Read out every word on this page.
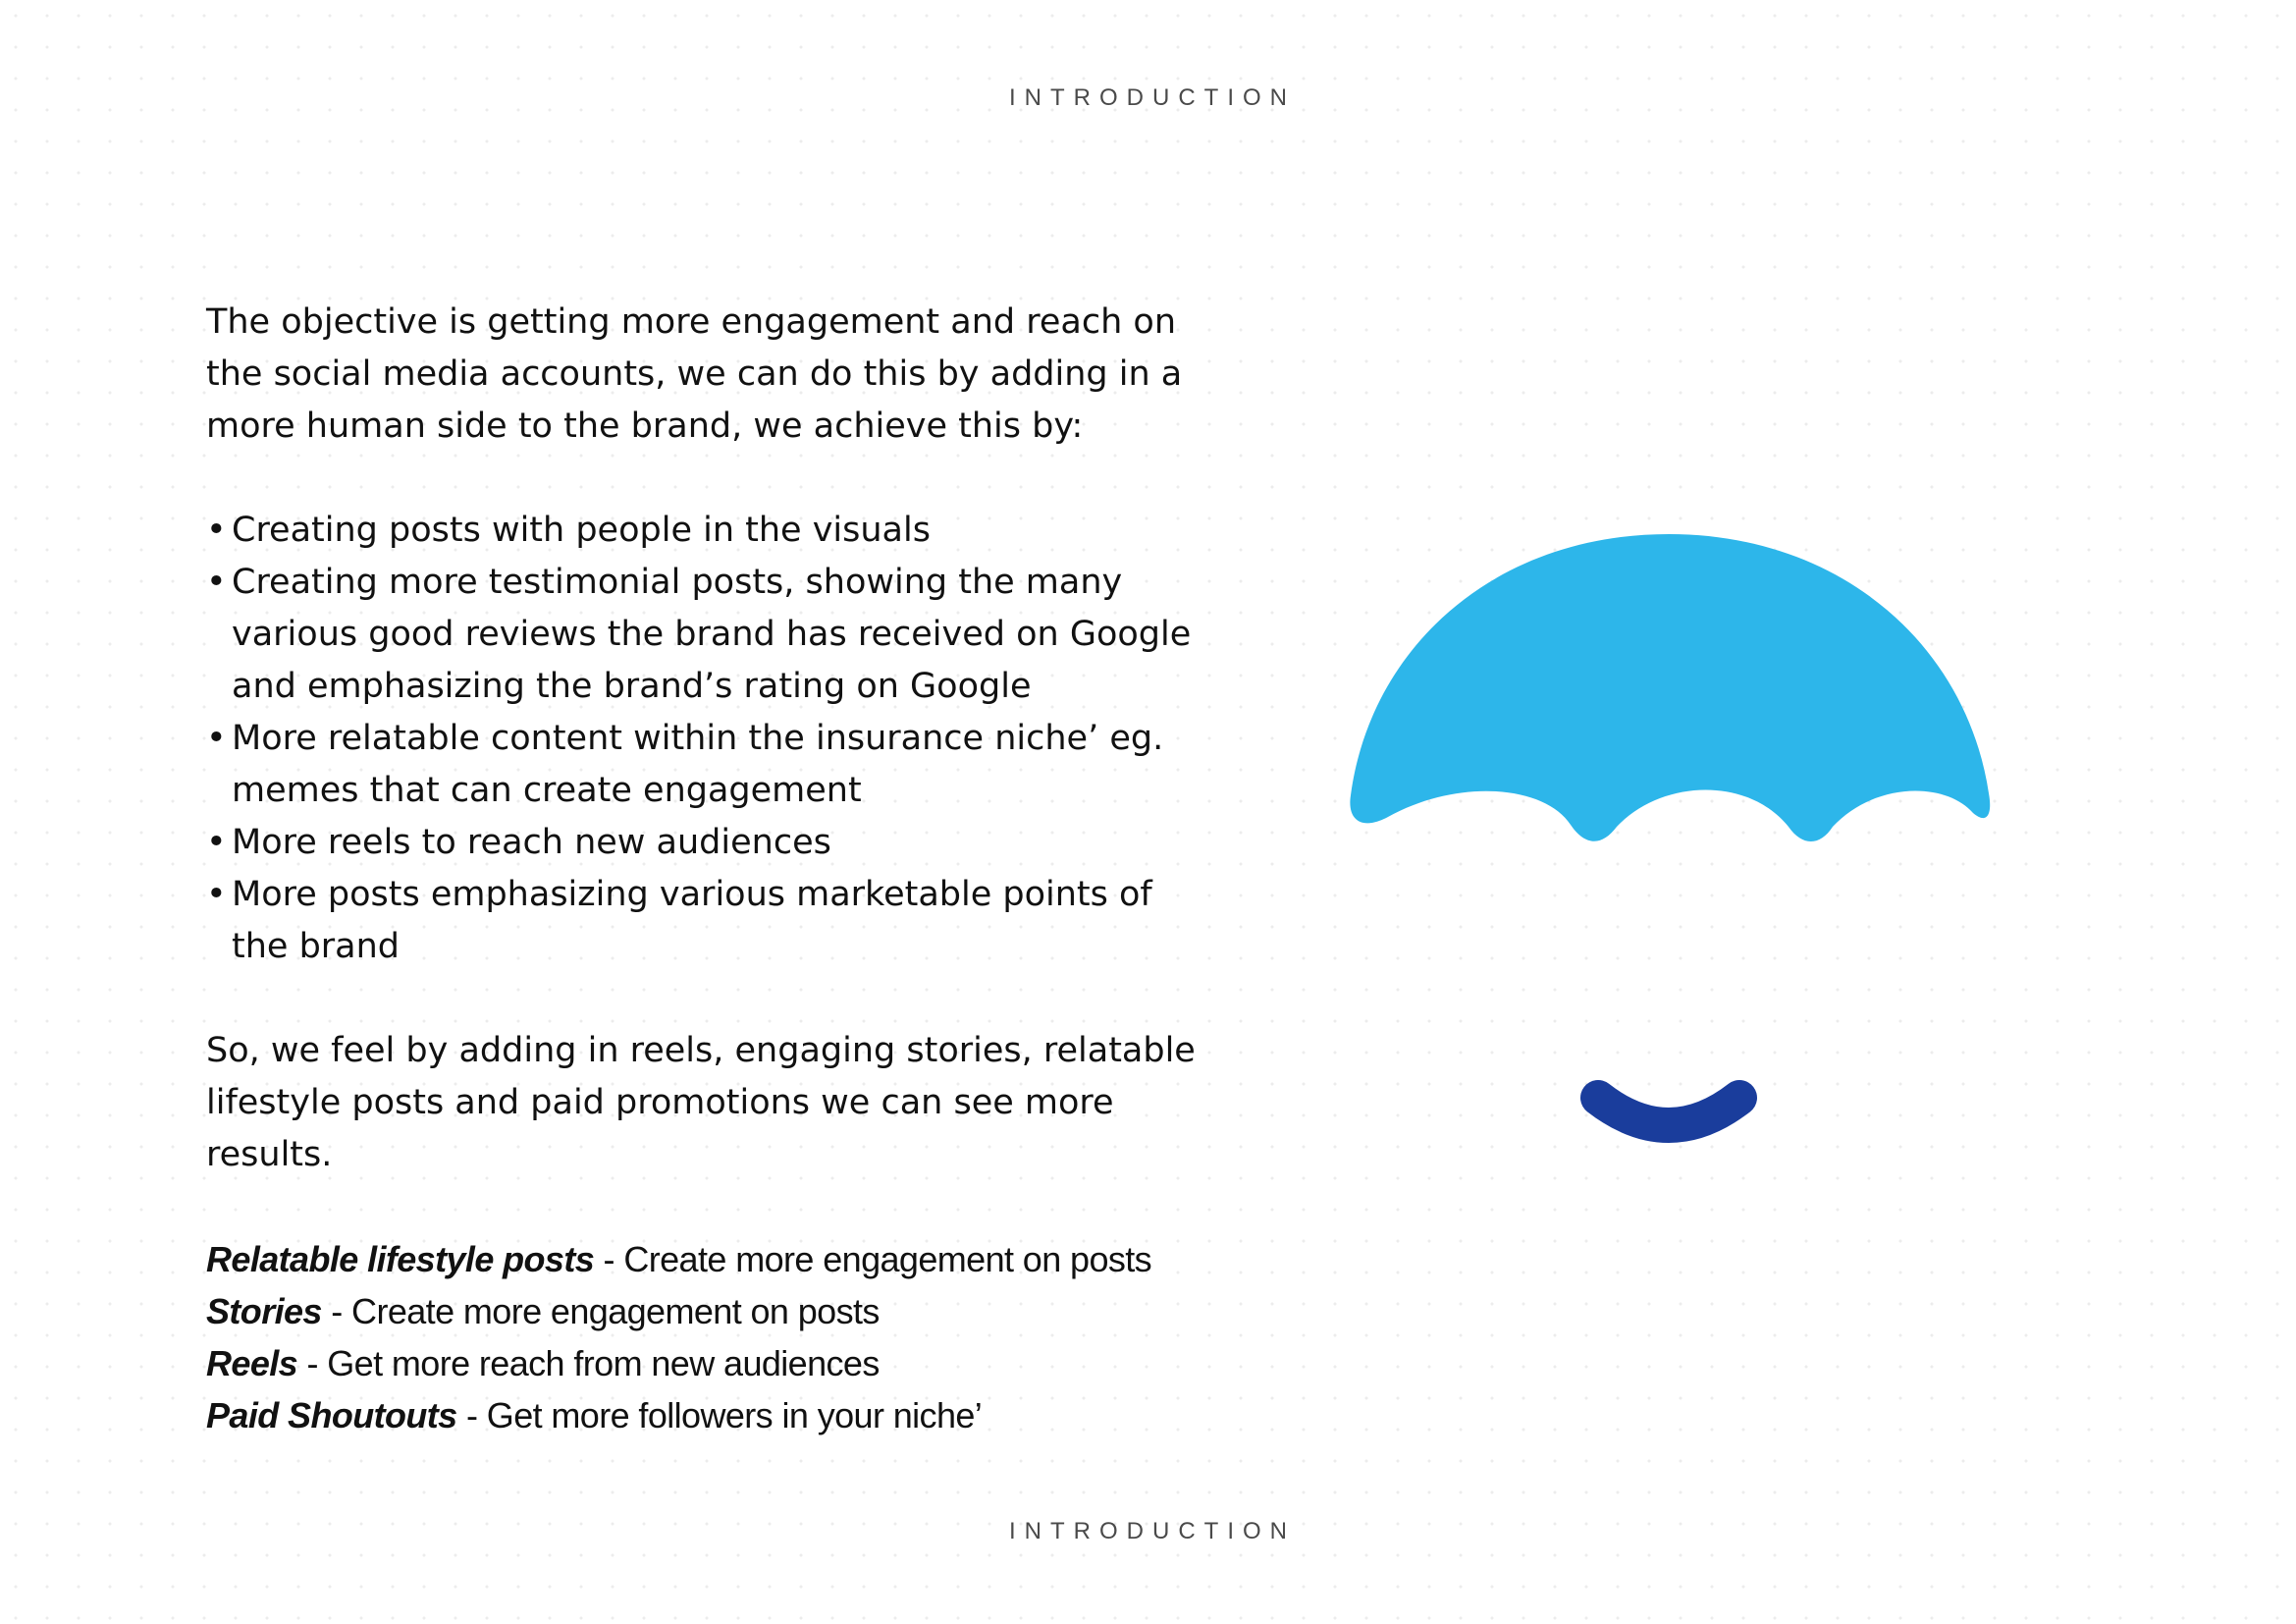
INTRODUCTION

The objective is getting more engagement and reach on the social media accounts, we can do this by adding in a more human side to the brand, we achieve this by:

• Creating posts with people in the visuals
• Creating more testimonial posts, showing the many various good reviews the brand has received on Google and emphasizing the brand’s rating on Google
• More relatable content within the insurance niche’ eg. memes that can create engagement
• More reels to reach new audiences
• More posts emphasizing various marketable points of the brand

So, we feel by adding in reels, engaging stories, relatable lifestyle posts and paid promotions we can see more results.

Relatable lifestyle posts - Create more engagement on posts
Stories - Create more engagement on posts
Reels - Get more reach from new audiences
Paid Shoutouts - Get more followers in your niche’
INTRODUCTION
